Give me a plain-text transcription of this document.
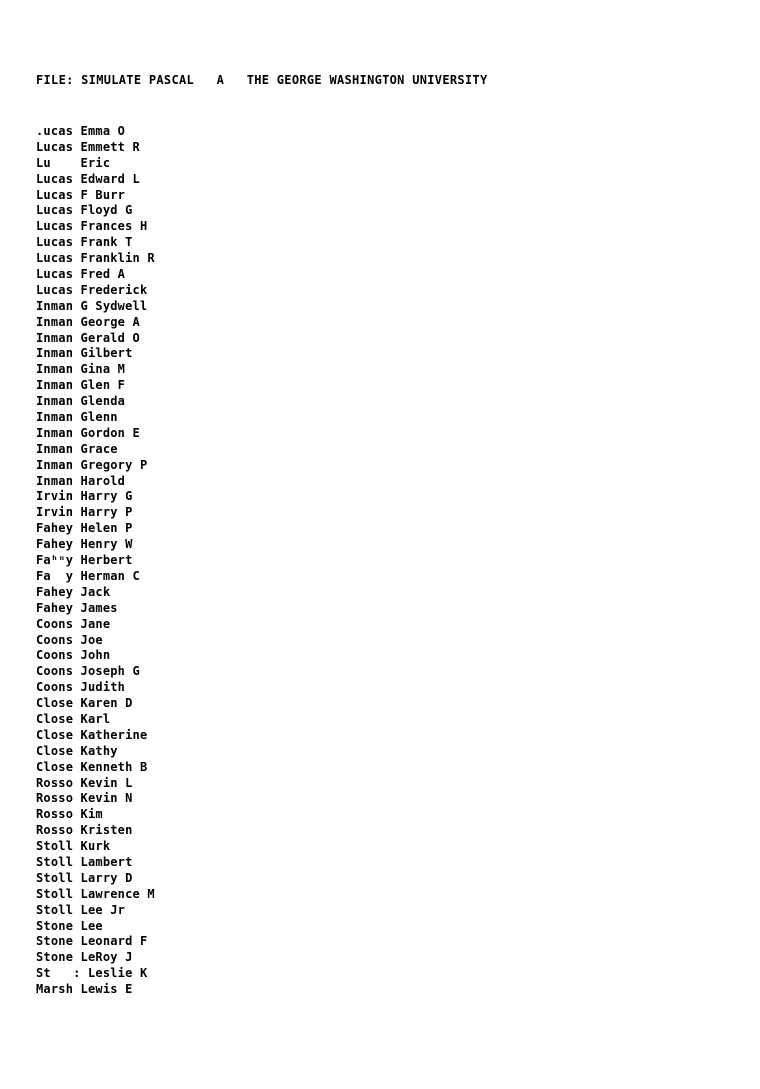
FILE: SIMULATE PASCAL   A   THE GEORGE WASHINGTON UNIVERSITY
.ucas Emma O
Lucas Emmett R
Lu    Eric
Lucas Edward L
Lucas F Burr
Lucas Floyd G
Lucas Frances H
Lucas Frank T
Lucas Franklin R
Lucas Fred A
Lucas Frederick
Inman G Sydwell
Inman George A
Inman Gerald O
Inman Gilbert
Inman Gina M
Inman Glen F
Inman Glenda
Inman Glenn
Inman Gordon E
Inman Grace
Inman Gregory P
Inman Harold
Irvin Harry G
Irvin Harry P
Fahey Helen P
Fahey Henry W
Faʰⁿy Herbert
Fa  y Herman C
Fahey Jack
Fahey James
Coons Jane
Coons Joe
Coons John
Coons Joseph G
Coons Judith
Close Karen D
Close Karl
Close Katherine
Close Kathy
Close Kenneth B
Rosso Kevin L
Rosso Kevin N
Rosso Kim
Rosso Kristen
Stoll Kurk
Stoll Lambert
Stoll Larry D
Stoll Lawrence M
Stoll Lee Jr
Stone Lee
Stone Leonard F
Stone LeRoy J
St   : Leslie K
Marsh Lewis E
